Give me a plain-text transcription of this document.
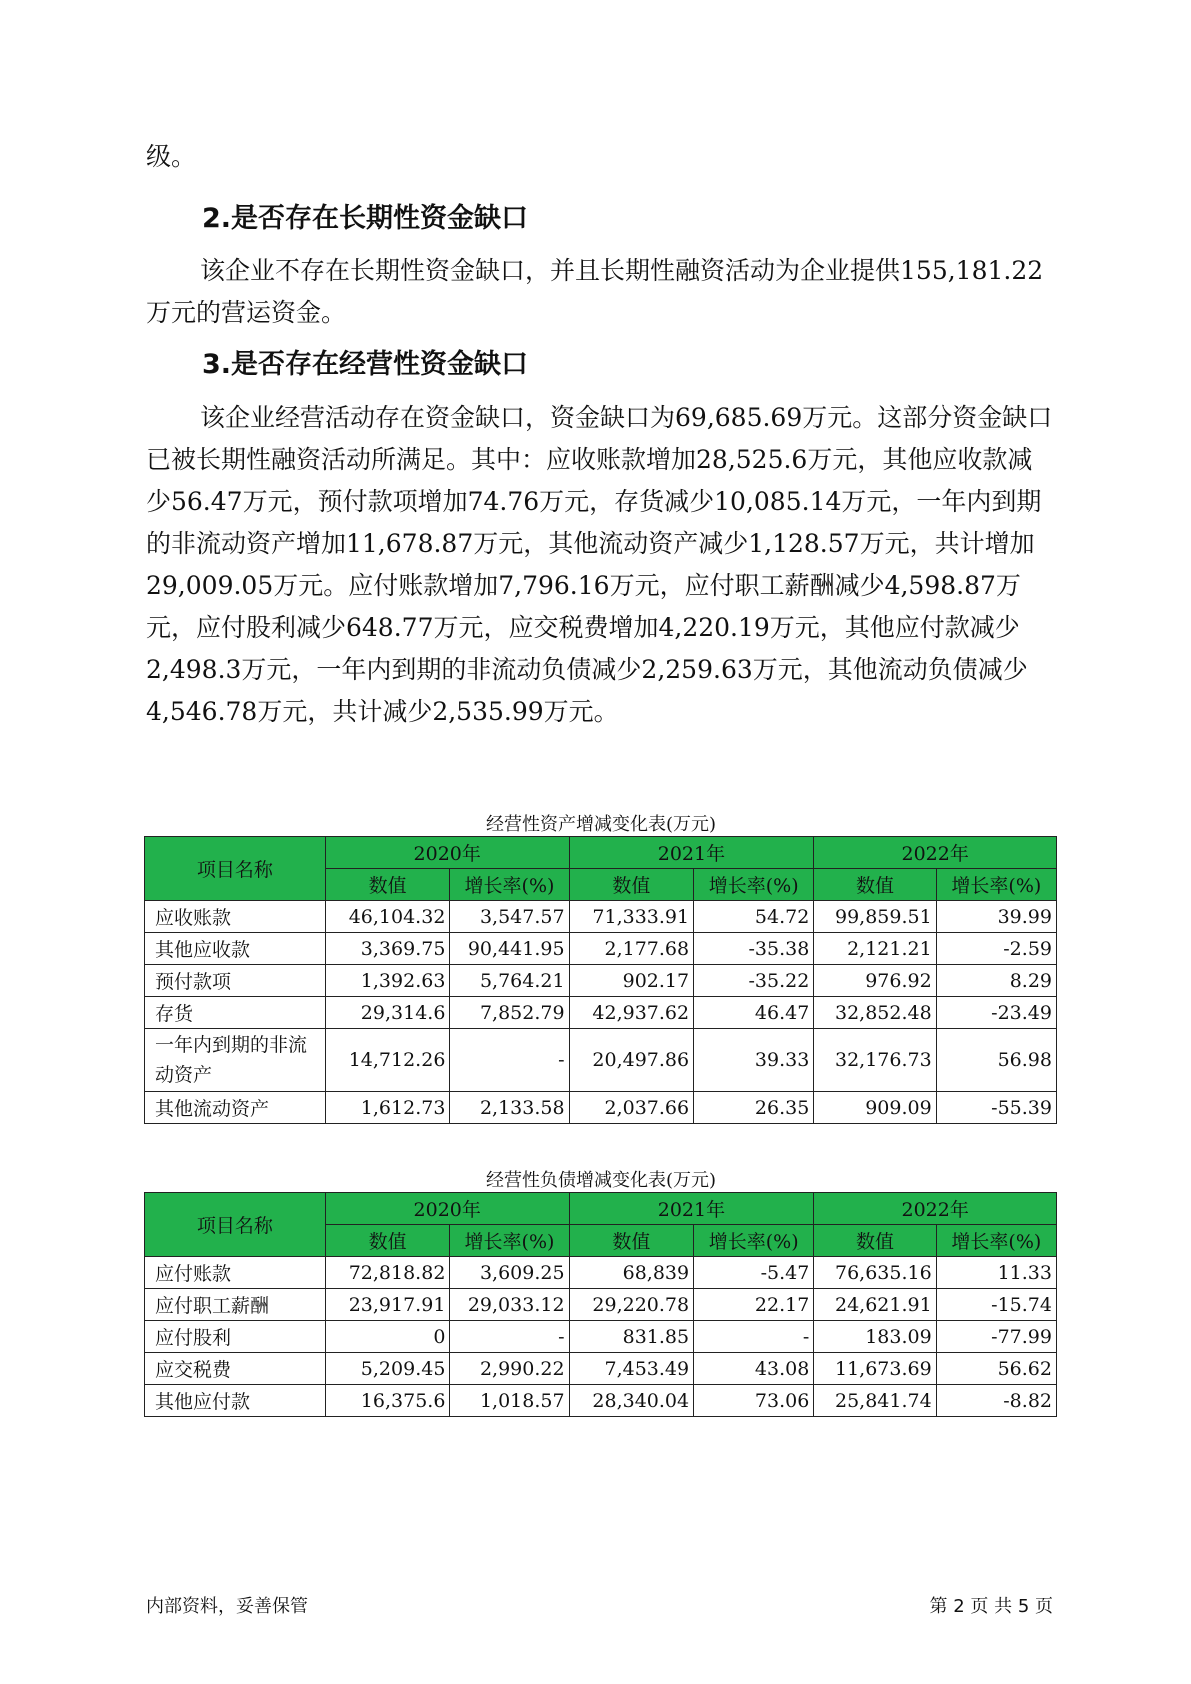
级。

2.是否存在长期性资金缺口

该企业不存在长期性资金缺口，并且长期性融资活动为企业提供155,181.22万元的营运资金。

3.是否存在经营性资金缺口

该企业经营活动存在资金缺口，资金缺口为69,685.69万元。这部分资金缺口已被长期性融资活动所满足。其中：应收账款增加28,525.6万元，其他应收款减少56.47万元，预付款项增加74.76万元，存货减少10,085.14万元，一年内到期的非流动资产增加11,678.87万元，其他流动资产减少1,128.57万元，共计增加29,009.05万元。应付账款增加7,796.16万元，应付职工薪酬减少4,598.87万元，应付股利减少648.77万元，应交税费增加4,220.19万元，其他应付款减少2,498.3万元，一年内到期的非流动负债减少2,259.63万元，其他流动负债减少4,546.78万元，共计减少2,535.99万元。

经营性资产增减变化表(万元)
项目名称	2020年		2021年		2022年	
	数值	增长率(%)	数值	增长率(%)	数值	增长率(%)
应收账款	46,104.32	3,547.57	71,333.91	54.72	99,859.51	39.99
其他应收款	3,369.75	90,441.95	2,177.68	-35.38	2,121.21	-2.59
预付款项	1,392.63	5,764.21	902.17	-35.22	976.92	8.29
存货	29,314.6	7,852.79	42,937.62	46.47	32,852.48	-23.49
一年内到期的非流动资产	14,712.26	-	20,497.86	39.33	32,176.73	56.98
其他流动资产	1,612.73	2,133.58	2,037.66	26.35	909.09	-55.39
经营性负债增减变化表(万元)
项目名称	2020年		2021年		2022年	
	数值	增长率(%)	数值	增长率(%)	数值	增长率(%)
应付账款	72,818.82	3,609.25	68,839	-5.47	76,635.16	11.33
应付职工薪酬	23,917.91	29,033.12	29,220.78	22.17	24,621.91	-15.74
应付股利	0	-	831.85	-	183.09	-77.99
应交税费	5,209.45	2,990.22	7,453.49	43.08	11,673.69	56.62
其他应付款	16,375.6	1,018.57	28,340.04	73.06	25,841.74	-8.82
内部资料，妥善保管	第 2 页 共 5 页
